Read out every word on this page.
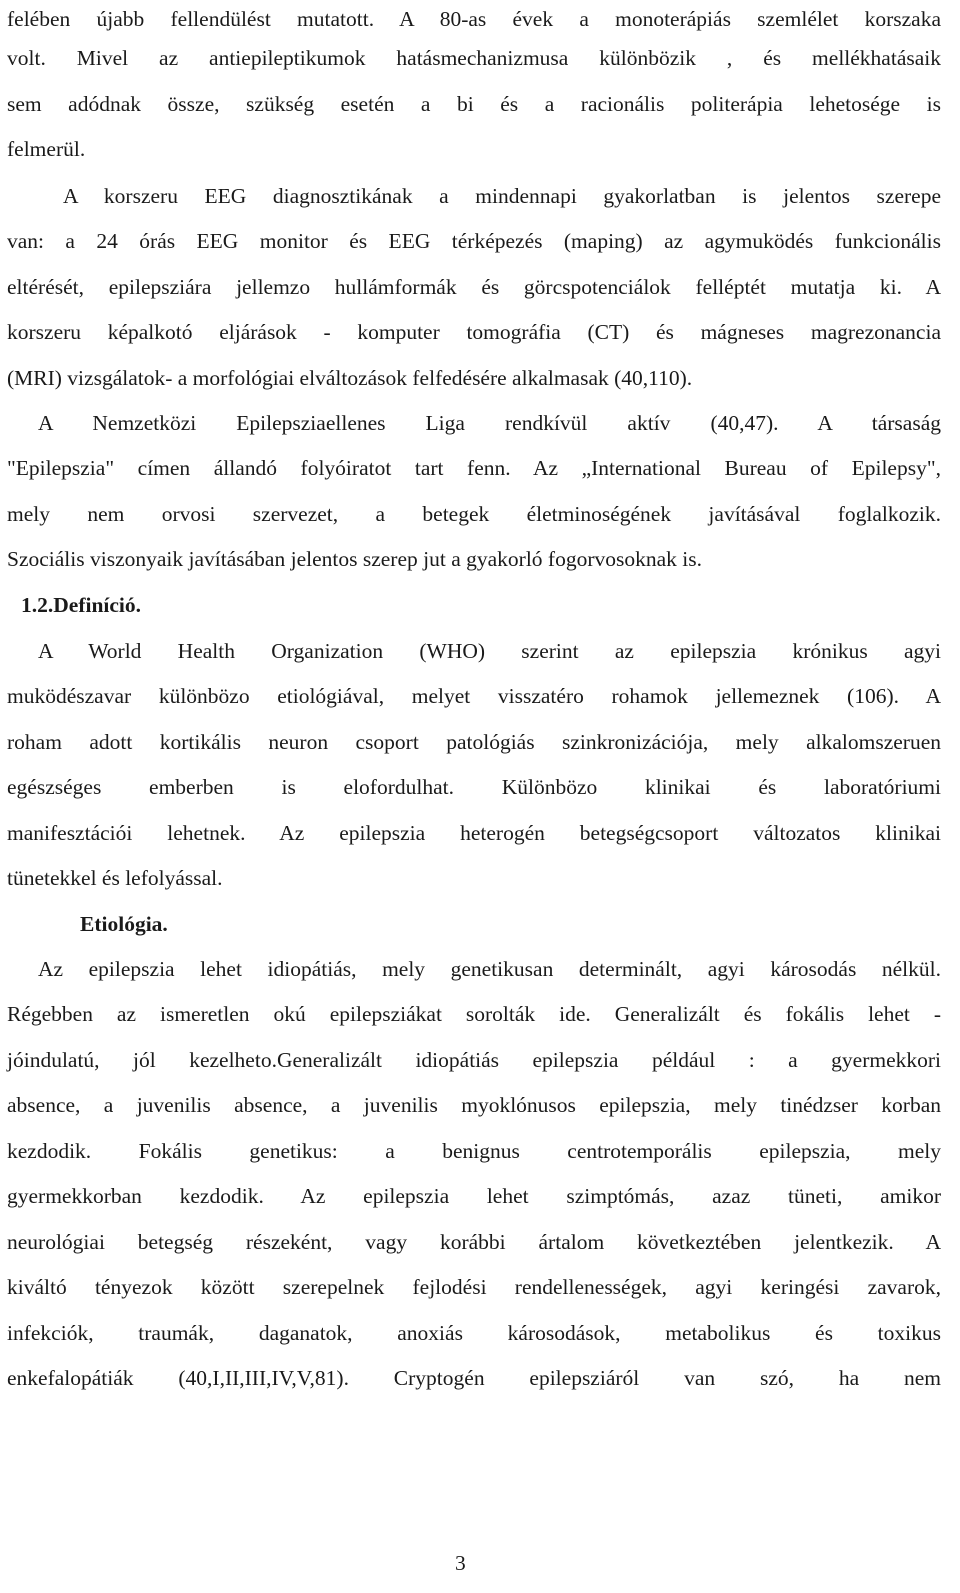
felében újabb fellendülést mutatott. A 80-as évek a monoterápiás szemlélet korszaka
volt. Mivel az antiepileptikumok hatásmechanizmusa különbözik , és mellékhatásaik
sem adódnak össze, szükség esetén a bi és a racionális politerápia lehetosége is
felmerül.
A korszeru EEG diagnosztikának a mindennapi gyakorlatban is jelentos szerepe
van: a 24 órás EEG monitor és EEG térképezés (maping) az agymuködés funkcionális
eltérését, epilepsziára jellemzo hullámformák és görcspotenciálok felléptét mutatja ki. A
korszeru képalkotó eljárások - komputer tomográfia (CT) és mágneses magrezonancia
(MRI) vizsgálatok- a morfológiai elváltozások felfedésére alkalmasak (40,110).
A Nemzetközi Epilepsziaellenes Liga rendkívül aktív (40,47). A társaság
"Epilepszia" címen állandó folyóiratot tart fenn. Az „International Bureau of Epilepsy",
mely nem orvosi szervezet, a betegek életminoségének javításával foglalkozik.
Szociális viszonyaik javításában jelentos szerep jut a gyakorló fogorvosoknak is.
1.2.Definíció.
A World Health Organization (WHO) szerint az epilepszia krónikus agyi
muködészavar különbözo etiológiával, melyet visszatéro rohamok jellemeznek (106). A
roham adott kortikális neuron csoport patológiás szinkronizációja, mely alkalomszeruen
egészséges emberben is elofordulhat. Különbözo klinikai és laboratóriumi
manifesztációi lehetnek. Az epilepszia heterogén betegségcsoport változatos klinikai
tünetekkel és lefolyással.
Etiológia.
Az epilepszia lehet idiopátiás, mely genetikusan determinált, agyi károsodás nélkül.
Régebben az ismeretlen okú epilepsziákat sorolták ide. Generalizált és fokális lehet -
jóindulatú, jól kezelheto.Generalizált idiopátiás epilepszia például : a gyermekkori
absence, a juvenilis absence, a juvenilis myoklónusos epilepszia, mely tinédzser korban
kezdodik. Fokális genetikus: a benignus centrotemporális epilepszia, mely
gyermekkorban kezdodik. Az epilepszia lehet szimptómás, azaz tüneti, amikor
neurológiai betegség részeként, vagy korábbi ártalom következtében jelentkezik. A
kiváltó tényezok között szerepelnek fejlodési rendellenességek, agyi keringési zavarok,
infekciók, traumák, daganatok, anoxiás károsodások, metabolikus és toxikus
enkefalopátiák (40,I,II,III,IV,V,81). Cryptogén epilepsziáról van szó, ha nem
3
